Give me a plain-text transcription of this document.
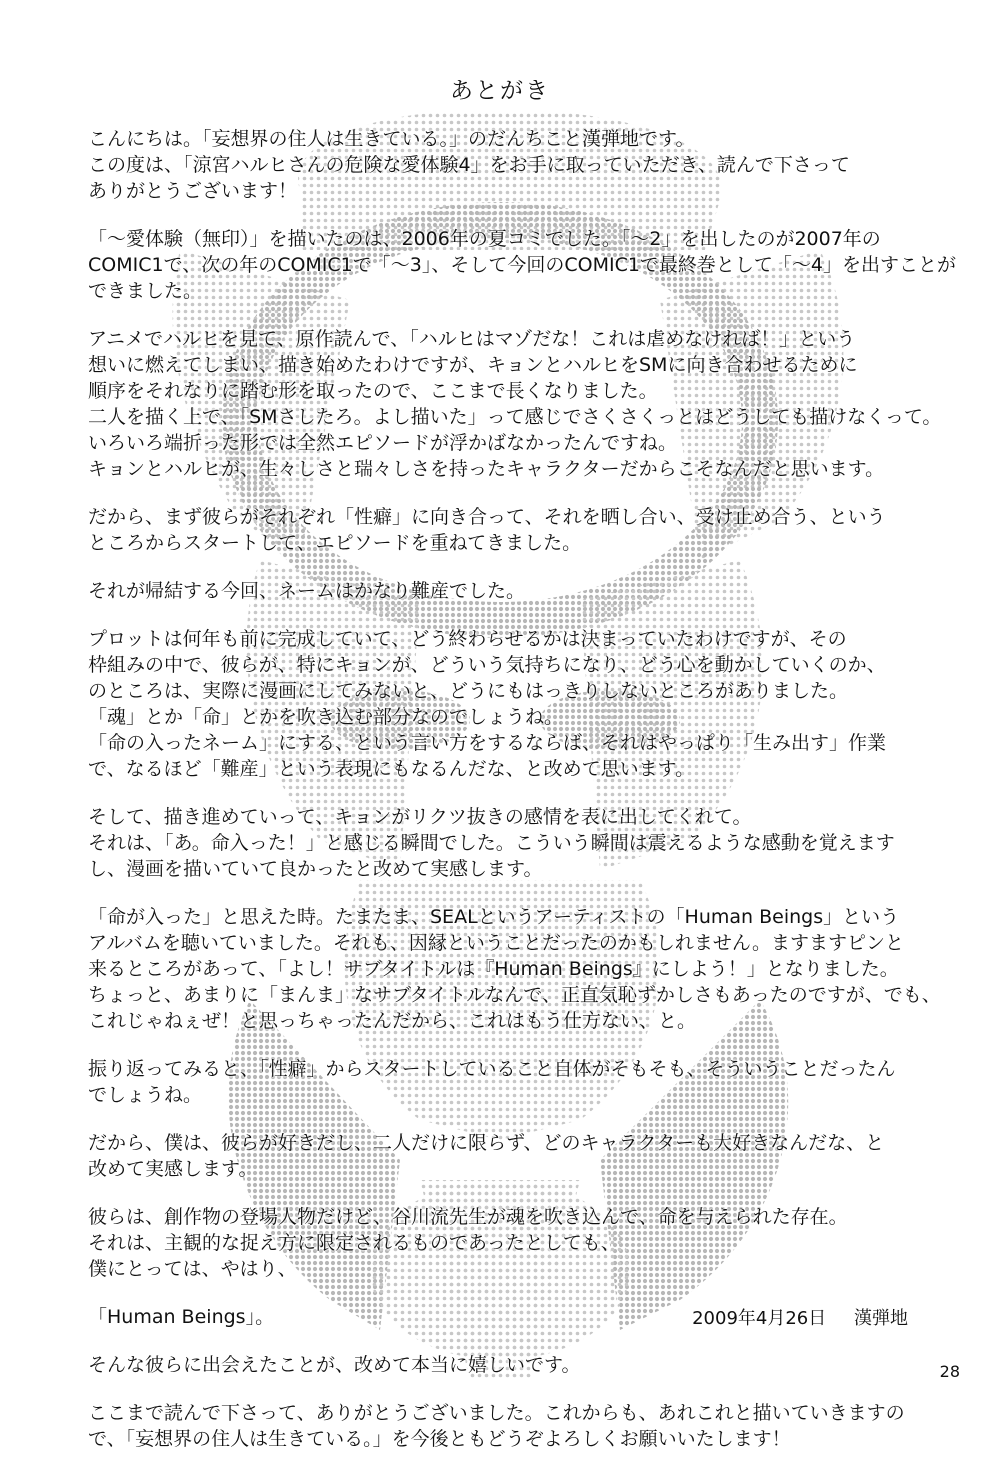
あとがき
こんにちは。「妄想界の住人は生きている。」のだんちこと漢弾地です。
この度は、「涼宮ハルヒさんの危険な愛体験4」をお手に取っていただき、読んで下さって
ありがとうございます！
「～愛体験（無印）」を描いたのは、2006年の夏コミでした。「～2」を出したのが2007年の
COMIC1で、次の年のCOMIC1で「～3」、そして今回のCOMIC1で最終巻として「～4」を出すことが
できました。
アニメでハルヒを見て、原作読んで、「ハルヒはマゾだな！これは虐めなければ！」という
想いに燃えてしまい、描き始めたわけですが、キョンとハルヒをSMに向き合わせるために
順序をそれなりに踏む形を取ったので、ここまで長くなりました。
二人を描く上で、「SMさしたろ。よし描いた」って感じでさくさくっとはどうしても描けなくって。
いろいろ端折った形では全然エピソードが浮かばなかったんですね。
キョンとハルヒが、生々しさと瑞々しさを持ったキャラクターだからこそなんだと思います。
だから、まず彼らがそれぞれ「性癖」に向き合って、それを晒し合い、受け止め合う、という
ところからスタートして、エピソードを重ねてきました。
それが帰結する今回、ネームはかなり難産でした。
プロットは何年も前に完成していて、どう終わらせるかは決まっていたわけですが、その
枠組みの中で、彼らが、特にキョンが、どういう気持ちになり、どう心を動かしていくのか、
のところは、実際に漫画にしてみないと、どうにもはっきりしないところがありました。
「魂」とか「命」とかを吹き込む部分なのでしょうね。
「命の入ったネーム」にする、という言い方をするならば、それはやっぱり「生み出す」作業
で、なるほど「難産」という表現にもなるんだな、と改めて思います。
そして、描き進めていって、キョンがリクツ抜きの感情を表に出してくれて。
それは、「あ。命入った！」と感じる瞬間でした。こういう瞬間は震えるような感動を覚えます
し、漫画を描いていて良かったと改めて実感します。
「命が入った」と思えた時。たまたま、SEALというアーティストの「Human Beings」という
アルバムを聴いていました。それも、因縁ということだったのかもしれません。ますますピンと
来るところがあって、「よし！サブタイトルは『Human Beings』にしよう！」となりました。
ちょっと、あまりに「まんま」なサブタイトルなんで、正直気恥ずかしさもあったのですが、でも、
これじゃねぇぜ！と思っちゃったんだから、これはもう仕方ない、と。
振り返ってみると、「性癖」からスタートしていること自体がそもそも、そういうことだったん
でしょうね。
だから、僕は、彼らが好きだし、二人だけに限らず、どのキャラクターも大好きなんだな、と
改めて実感します。
彼らは、創作物の登場人物だけど、谷川流先生が魂を吹き込んで、命を与えられた存在。
それは、主観的な捉え方に限定されるものであったとしても、
僕にとっては、やはり、
「Human Beings」。
そんな彼らに出会えたことが、改めて本当に嬉しいです。
ここまで読んで下さって、ありがとうございました。これからも、あれこれと描いていきますの
で、「妄想界の住人は生きている。」を今後ともどうぞよろしくお願いいたします！
2009年4月26日 漢弾地
28
